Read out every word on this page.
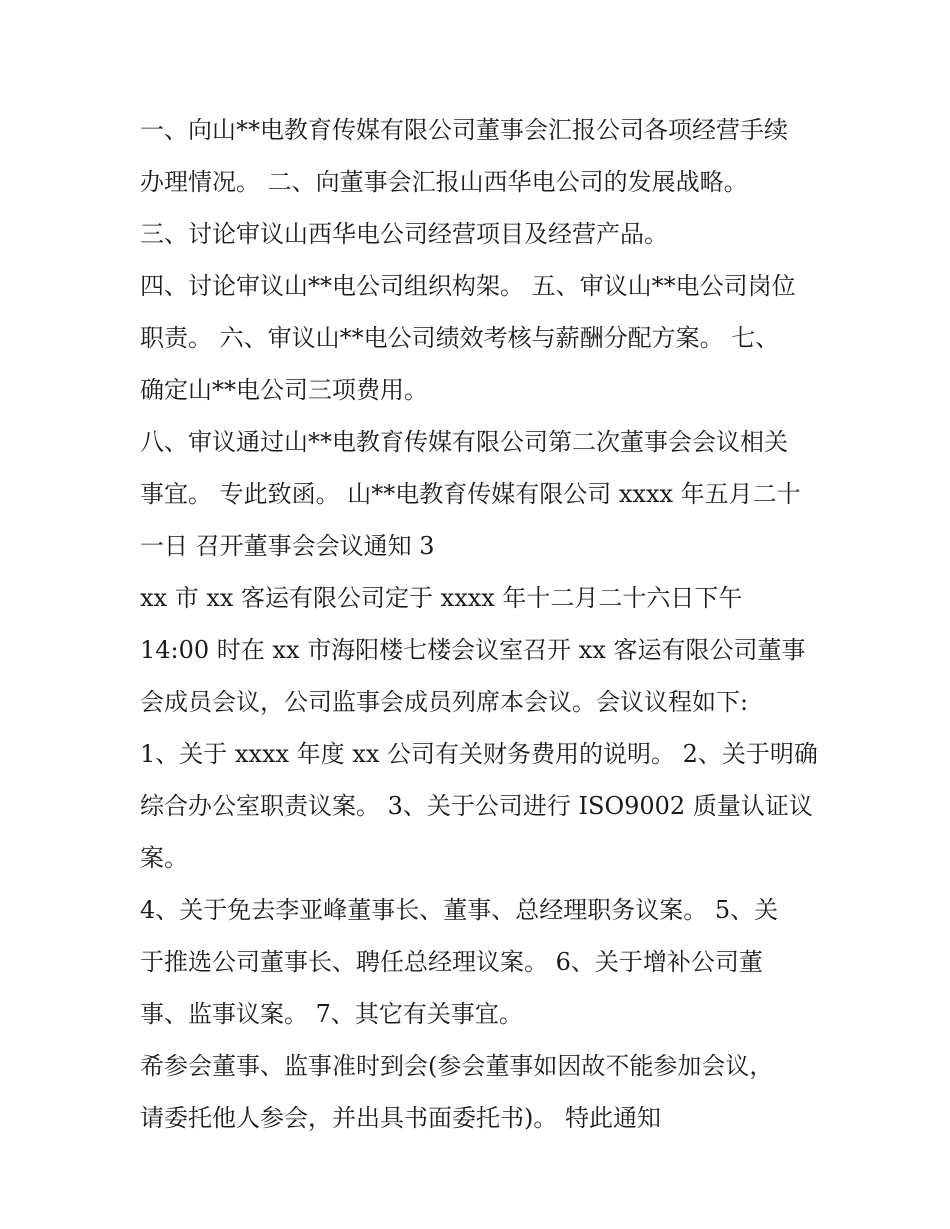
一、向山**电教育传媒有限公司董事会汇报公司各项经营手续
办理情况。 二、向董事会汇报山西华电公司的发展战略。
三、讨论审议山西华电公司经营项目及经营产品。
四、讨论审议山**电公司组织构架。 五、审议山**电公司岗位
职责。 六、审议山**电公司绩效考核与薪酬分配方案。 七、
确定山**电公司三项费用。
八、审议通过山**电教育传媒有限公司第二次董事会会议相关
事宜。 专此致函。 山**电教育传媒有限公司 xxxx 年五月二十
一日 召开董事会会议通知 3
xx 市 xx 客运有限公司定于 xxxx 年十二月二十六日下午
14:00 时在 xx 市海阳楼七楼会议室召开 xx 客运有限公司董事
会成员会议，公司监事会成员列席本会议。会议议程如下:
1、关于 xxxx 年度 xx 公司有关财务费用的说明。 2、关于明确
综合办公室职责议案。 3、关于公司进行 ISO9002 质量认证议
案。
4、关于免去李亚峰董事长、董事、总经理职务议案。 5、关
于推选公司董事长、聘任总经理议案。 6、关于增补公司董
事、监事议案。 7、其它有关事宜。
希参会董事、监事准时到会(参会董事如因故不能参加会议，
请委托他人参会，并出具书面委托书)。 特此通知
